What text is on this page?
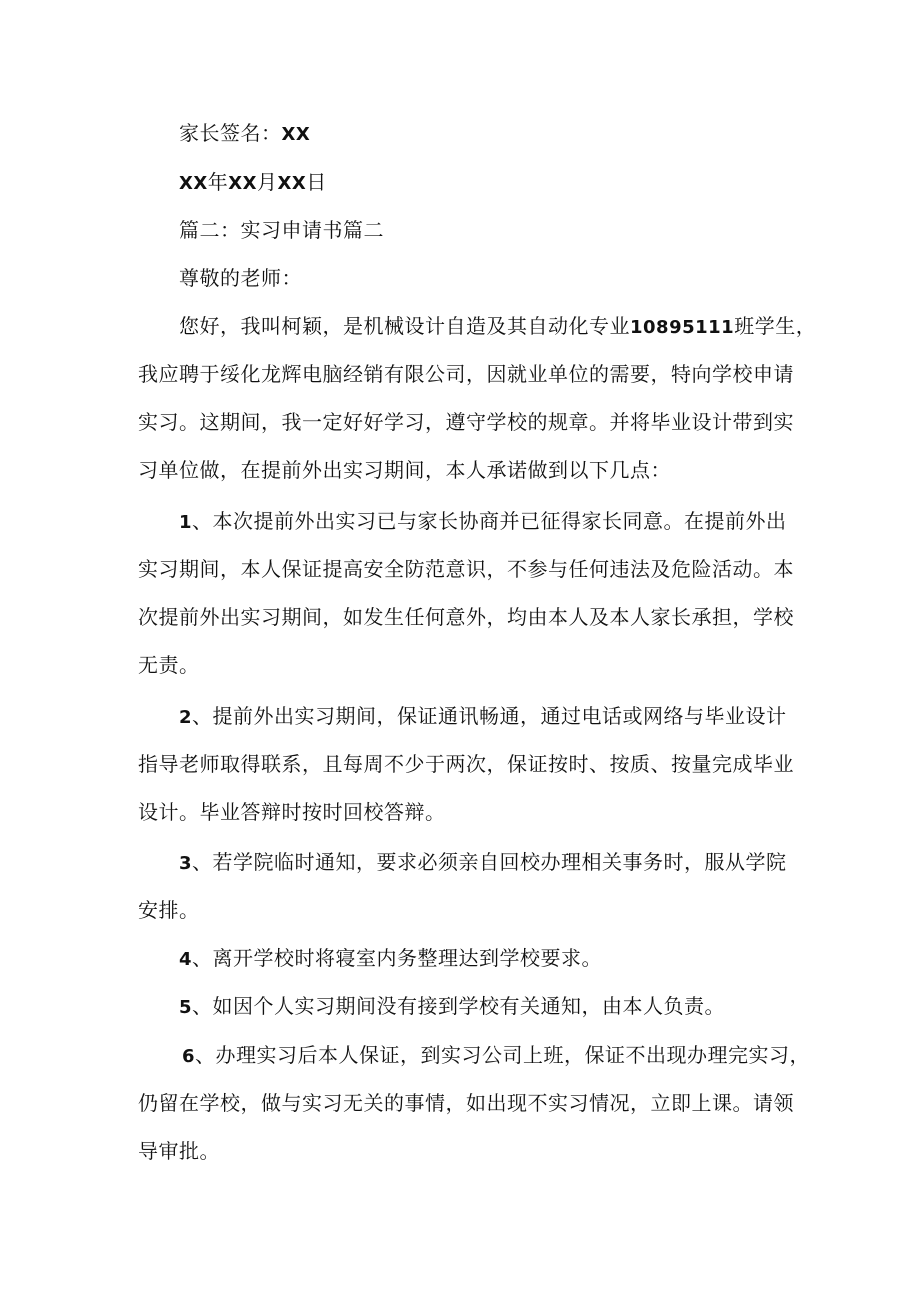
家长签名：XX
XX年XX月XX日
篇二：实习申请书篇二
尊敬的老师：
您好，我叫柯颖，是机械设计自造及其自动化专业10895111班学生，
我应聘于绥化龙辉电脑经销有限公司，因就业单位的需要，特向学校申请
实习。这期间，我一定好好学习，遵守学校的规章。并将毕业设计带到实
习单位做，在提前外出实习期间，本人承诺做到以下几点：
1、本次提前外出实习已与家长协商并已征得家长同意。在提前外出
实习期间，本人保证提高安全防范意识，不参与任何违法及危险活动。本
次提前外出实习期间，如发生任何意外，均由本人及本人家长承担，学校
无责。
2、提前外出实习期间，保证通讯畅通，通过电话或网络与毕业设计
指导老师取得联系，且每周不少于两次，保证按时、按质、按量完成毕业
设计。毕业答辩时按时回校答辩。
3、若学院临时通知，要求必须亲自回校办理相关事务时，服从学院
安排。
4、离开学校时将寝室内务整理达到学校要求。
5、如因个人实习期间没有接到学校有关通知，由本人负责。
6、办理实习后本人保证，到实习公司上班，保证不出现办理完实习，
仍留在学校，做与实习无关的事情，如出现不实习情况，立即上课。请领
导审批。
